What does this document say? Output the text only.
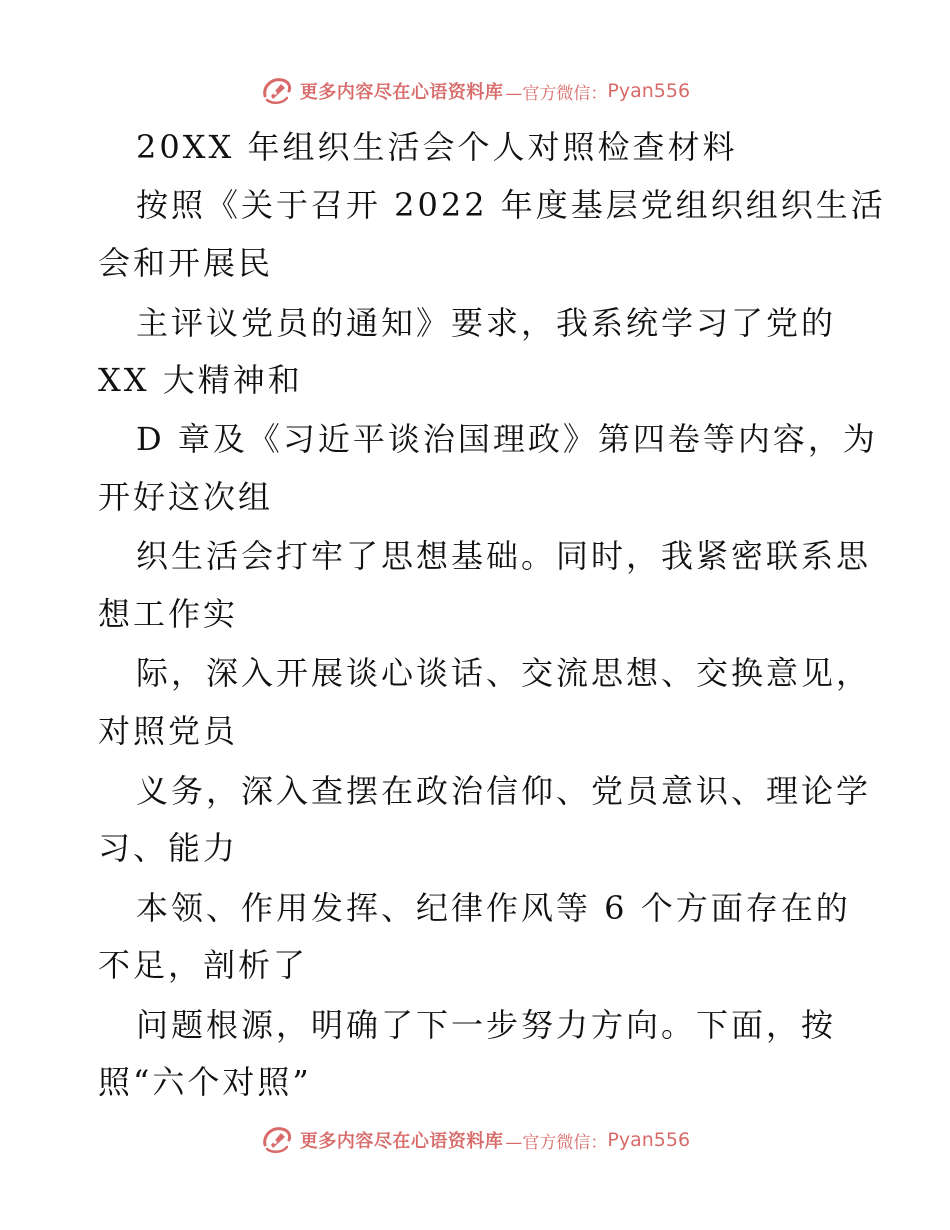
更多内容尽在心语资料库 —官方微信： Pyan556
20XX 年组织生活会个人对照检查材料
按照《关于召开 2022 年度基层党组织组织生活
会和开展民
主评议党员的通知》要求，我系统学习了党的
XX 大精神和
D 章及《习近平谈治国理政》第四卷等内容，为
开好这次组
织生活会打牢了思想基础。同时，我紧密联系思
想工作实
际，深入开展谈心谈话、交流思想、交换意见，
对照党员
义务，深入查摆在政治信仰、党员意识、理论学
习、能力
本领、作用发挥、纪律作风等 6 个方面存在的
不足，剖析了
问题根源，明确了下一步努力方向。下面，按
照“六个对照”
更多内容尽在心语资料库 —官方微信： Pyan556
